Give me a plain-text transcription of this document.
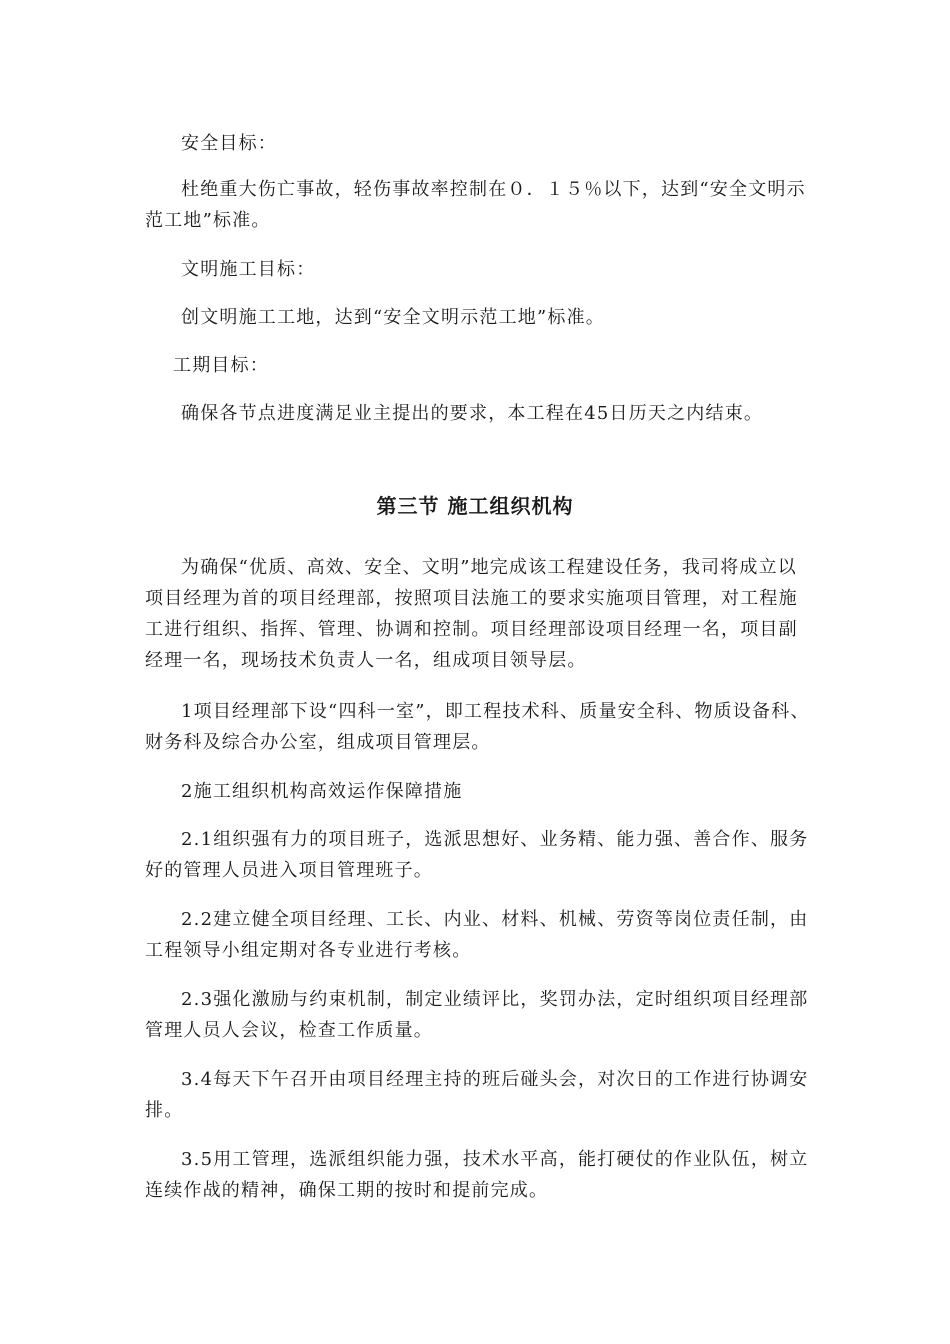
安全目标：
杜绝重大伤亡事故，轻伤事故率控制在０．１５％以下，达到“安全文明示范工地”标准。
文明施工目标：
创文明施工工地，达到“安全文明示范工地”标准。
工期目标：
确保各节点进度满足业主提出的要求，本工程在45日历天之内结束。
第三节 施工组织机构
为确保“优质、高效、安全、文明”地完成该工程建设任务，我司将成立以项目经理为首的项目经理部，按照项目法施工的要求实施项目管理，对工程施工进行组织、指挥、管理、协调和控制。项目经理部设项目经理一名，项目副经理一名，现场技术负责人一名，组成项目领导层。
1项目经理部下设“四科一室”，即工程技术科、质量安全科、物质设备科、财务科及综合办公室，组成项目管理层。
2施工组织机构高效运作保障措施
2.1组织强有力的项目班子，选派思想好、业务精、能力强、善合作、服务好的管理人员进入项目管理班子。
2.2建立健全项目经理、工长、内业、材料、机械、劳资等岗位责任制，由工程领导小组定期对各专业进行考核。
2.3强化激励与约束机制，制定业绩评比，奖罚办法，定时组织项目经理部管理人员人会议，检查工作质量。
3.4每天下午召开由项目经理主持的班后碰头会，对次日的工作进行协调安排。
3.5用工管理，选派组织能力强，技术水平高，能打硬仗的作业队伍，树立连续作战的精神，确保工期的按时和提前完成。
